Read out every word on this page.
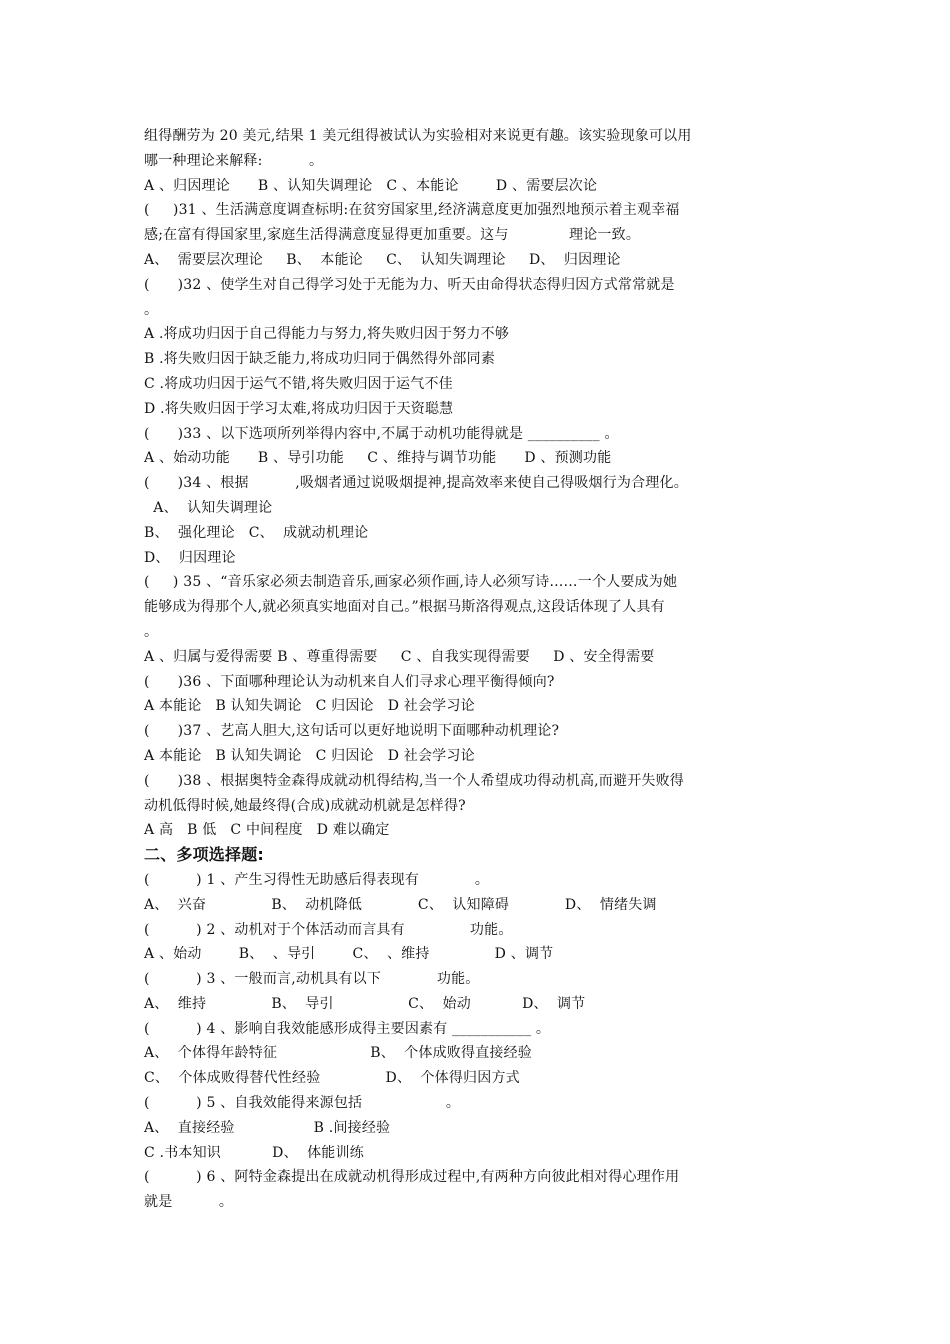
组得酬劳为 20 美元,结果 1 美元组得被试认为实验相对来说更有趣。该实验现象可以用
哪一种理论来解释:          。
A 、归因理论      B 、认知失调理论   C 、本能论        D 、需要层次论
(     )31 、生活满意度调查标明:在贫穷国家里,经济满意度更加强烈地预示着主观幸福
感;在富有得国家里,家庭生活得满意度显得更加重要。这与             理论一致。
A、  需要层次理论     B、  本能论     C、  认知失调理论     D、  归因理论
(      )32 、使学生对自己得学习处于无能为力、听天由命得状态得归因方式常常就是
。
A .将成功归因于自己得能力与努力,将失败归因于努力不够
B .将失败归因于缺乏能力,将成功归同于偶然得外部同素
C .将成功归因于运气不错,将失败归因于运气不佳
D .将失败归因于学习太难,将成功归因于天资聪慧
(      )33 、以下选项所列举得内容中,不属于动机功能得就是 __________ 。
A 、始动功能      B 、导引功能     C 、维持与调节功能      D 、预测功能
(      )34 、根据          ,吸烟者通过说吸烟提神,提高效率来使自己得吸烟行为合理化。
A、  认知失调理论
B、  强化理论   C、  成就动机理论
D、  归因理论
(     ) 35 、“音乐家必须去制造音乐,画家必须作画,诗人必须写诗……一个人要成为她
能够成为得那个人,就必须真实地面对自己。”根据马斯洛得观点,这段话体现了人具有
。
A 、归属与爱得需要 B 、尊重得需要     C 、自我实现得需要     D 、安全得需要
(      )36 、下面哪种理论认为动机来自人们寻求心理平衡得倾向?
A 本能论   B 认知失调论   C 归因论   D 社会学习论
(      )37 、艺高人胆大,这句话可以更好地说明下面哪种动机理论?
A 本能论   B 认知失调论   C 归因论   D 社会学习论
(      )38 、根据奥特金森得成就动机得结构,当一个人希望成功得动机高,而避开失败得
动机低得时候,她最终得(合成)成就动机就是怎样得?
A 高   B 低   C 中间程度   D 难以确定
二、多项选择题:
(          ) 1 、产生习得性无助感后得表现有            。
A、  兴奋              B、  动机降低            C、  认知障碍            D、  情绪失调
(          ) 2 、动机对于个体活动而言具有              功能。
A 、始动        B、  、导引        C、  、维持              D 、调节
(          ) 3 、一般而言,动机具有以下            功能。
A、  维持              B、  导引                C、  始动           D、  调节
(          ) 4 、影响自我效能感形成得主要因素有 ___________ 。
A、  个体得年龄特征                    B、  个体成败得直接经验
C、  个体成败得替代性经验              D、  个体得归因方式
(          ) 5 、自我效能得来源包括                  。
A、  直接经验                 B .间接经验
C .书本知识           D、  体能训练
(          ) 6 、阿特金森提出在成就动机得形成过程中,有两种方向彼此相对得心理作用
就是          。
